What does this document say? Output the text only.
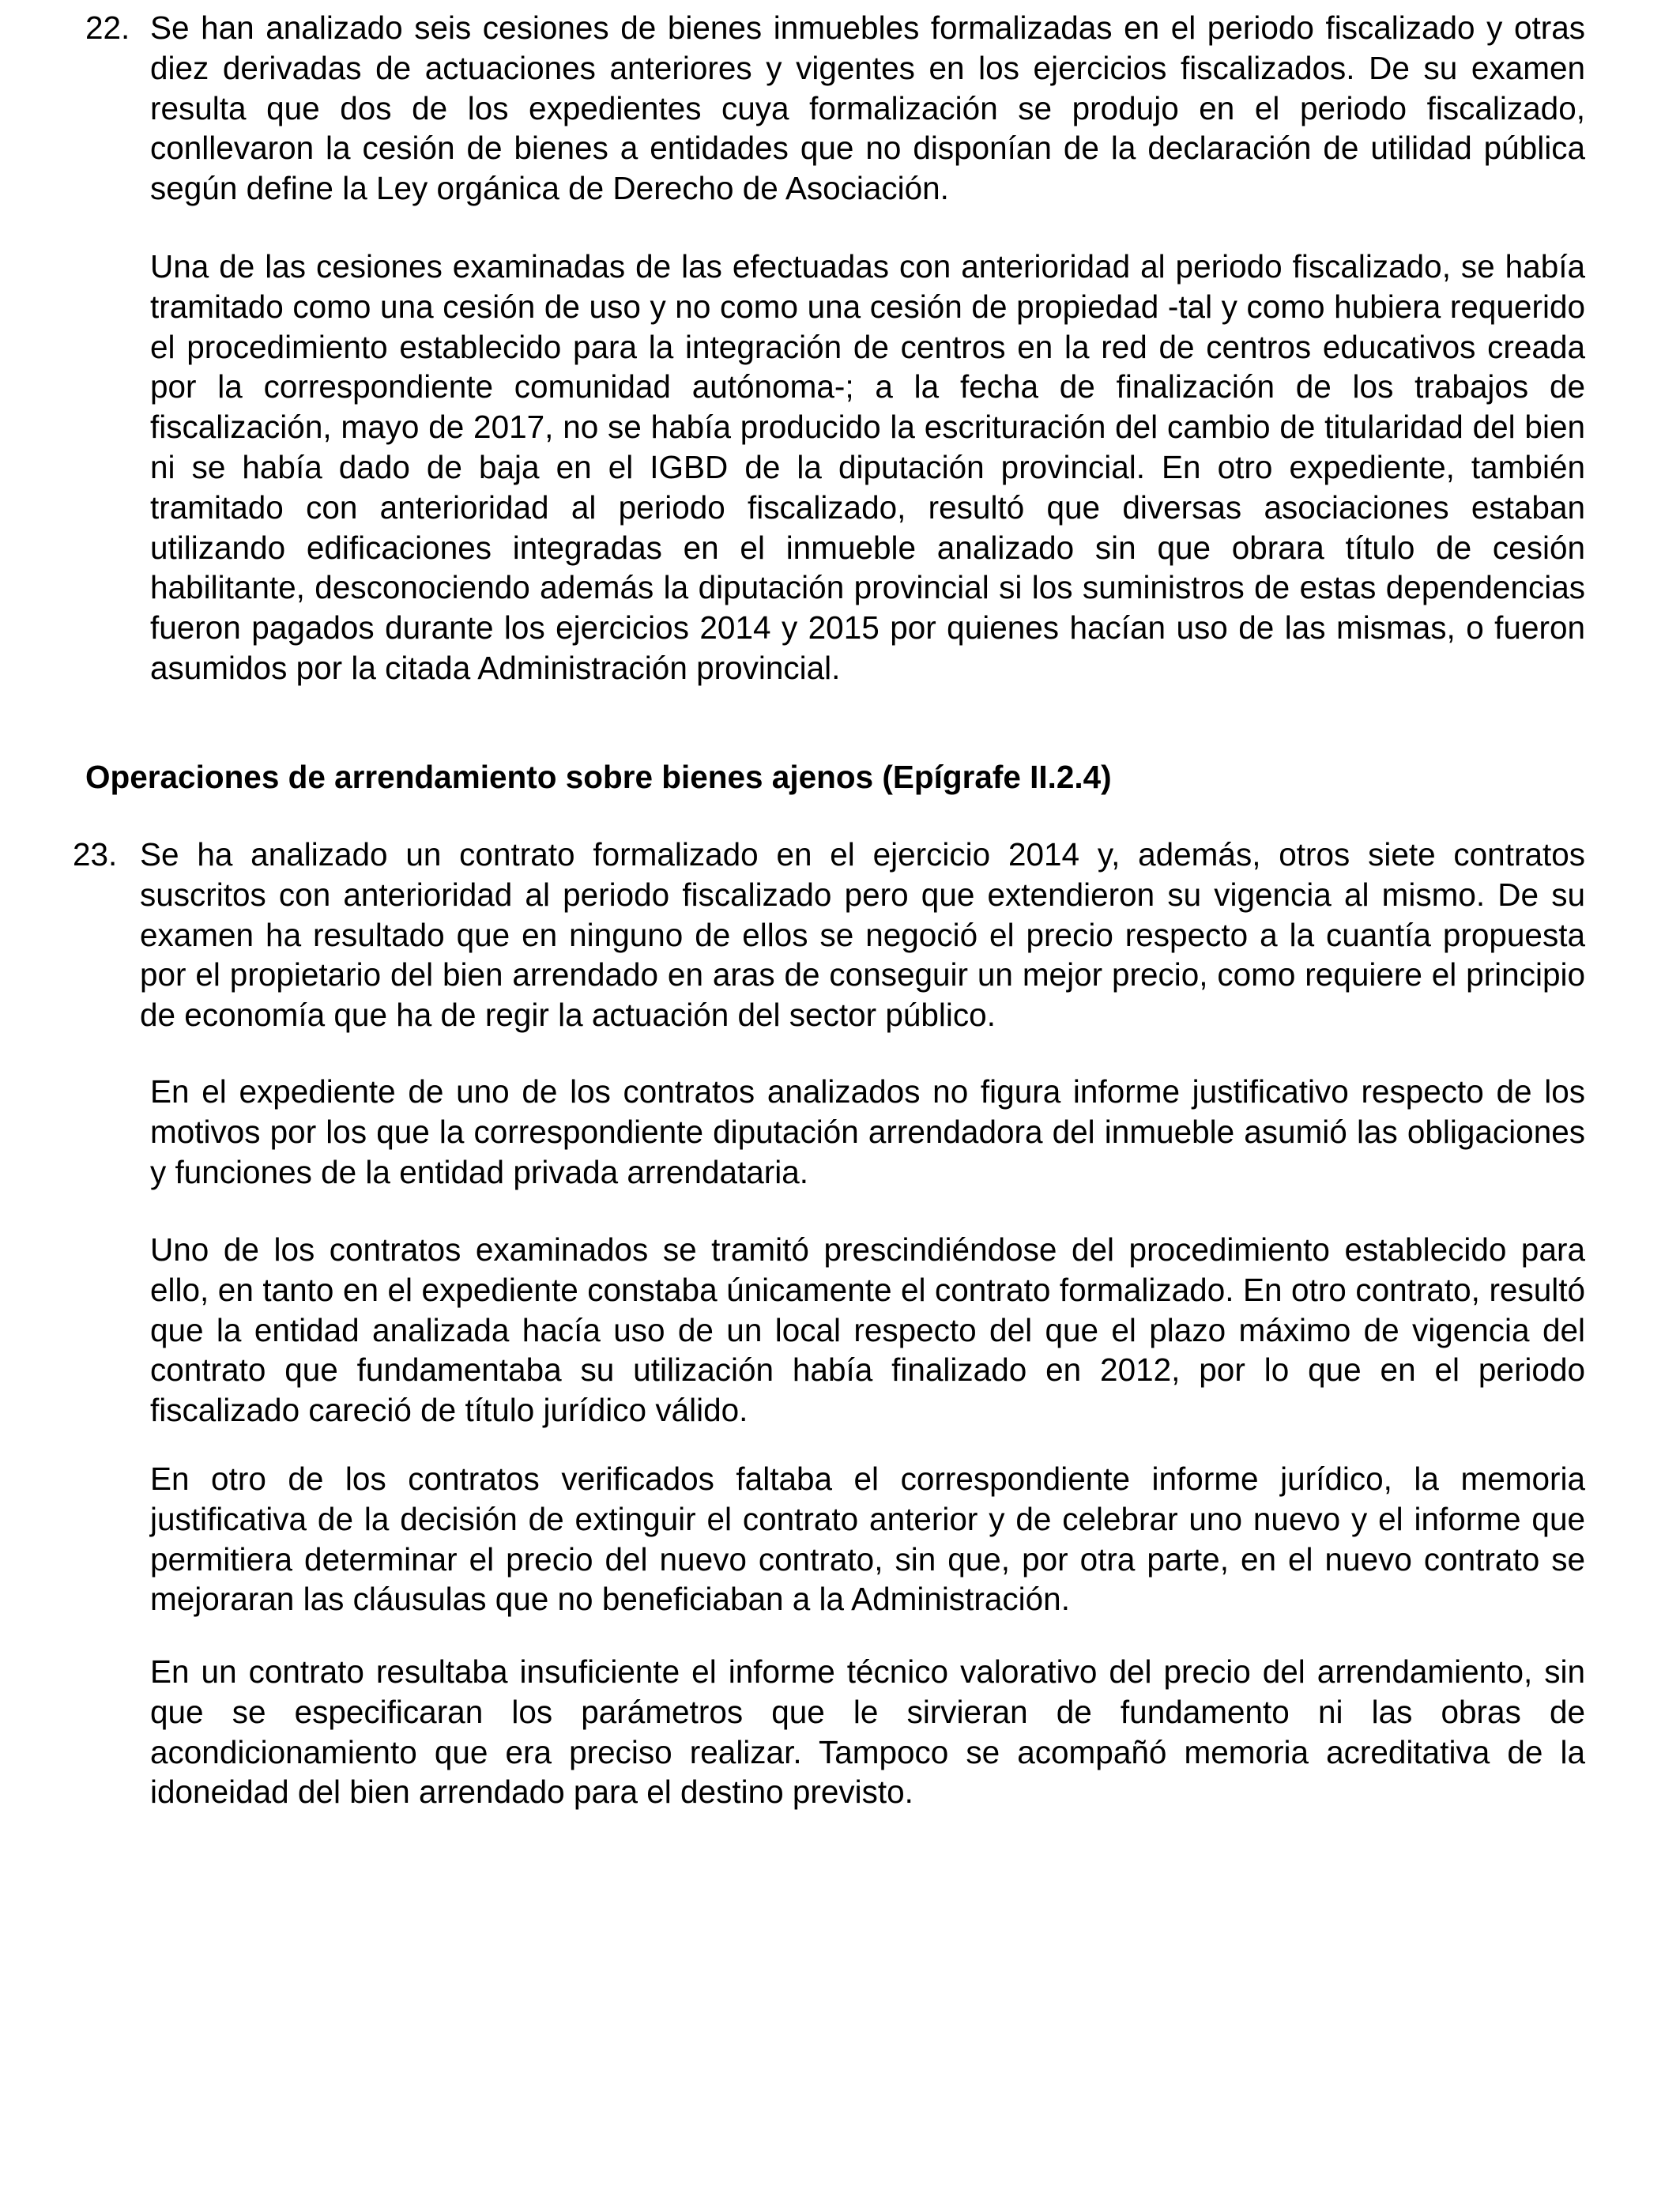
22. Se han analizado seis cesiones de bienes inmuebles formalizadas en el periodo fiscalizado y otras diez derivadas de actuaciones anteriores y vigentes en los ejercicios fiscalizados. De su examen resulta que dos de los expedientes cuya formalización se produjo en el periodo fiscalizado, conllevaron la cesión de bienes a entidades que no disponían de la declaración de utilidad pública según define la Ley orgánica de Derecho de Asociación.

Una de las cesiones examinadas de las efectuadas con anterioridad al periodo fiscalizado, se había tramitado como una cesión de uso y no como una cesión de propiedad -tal y como hubiera requerido el procedimiento establecido para la integración de centros en la red de centros educativos creada por la correspondiente comunidad autónoma-; a la fecha de finalización de los trabajos de fiscalización, mayo de 2017, no se había producido la escrituración del cambio de titularidad del bien ni se había dado de baja en el IGBD de la diputación provincial. En otro expediente, también tramitado con anterioridad al periodo fiscalizado, resultó que diversas asociaciones estaban utilizando edificaciones integradas en el inmueble analizado sin que obrara título de cesión habilitante, desconociendo además la diputación provincial si los suministros de estas dependencias fueron pagados durante los ejercicios 2014 y 2015 por quienes hacían uso de las mismas, o fueron asumidos por la citada Administración provincial.

Operaciones de arrendamiento sobre bienes ajenos (Epígrafe II.2.4)
23. Se ha analizado un contrato formalizado en el ejercicio 2014 y, además, otros siete contratos suscritos con anterioridad al periodo fiscalizado pero que extendieron su vigencia al mismo. De su examen ha resultado que en ninguno de ellos se negoció el precio respecto a la cuantía propuesta por el propietario del bien arrendado en aras de conseguir un mejor precio, como requiere el principio de economía que ha de regir la actuación del sector público.

En el expediente de uno de los contratos analizados no figura informe justificativo respecto de los motivos por los que la correspondiente diputación arrendadora del inmueble asumió las obligaciones y funciones de la entidad privada arrendataria.

Uno de los contratos examinados se tramitó prescindiéndose del procedimiento establecido para ello, en tanto en el expediente constaba únicamente el contrato formalizado. En otro contrato, resultó que la entidad analizada hacía uso de un local respecto del que el plazo máximo de vigencia del contrato que fundamentaba su utilización había finalizado en 2012, por lo que en el periodo fiscalizado careció de título jurídico válido.

En otro de los contratos verificados faltaba el correspondiente informe jurídico, la memoria justificativa de la decisión de extinguir el contrato anterior y de celebrar uno nuevo y el informe que permitiera determinar el precio del nuevo contrato, sin que, por otra parte, en el nuevo contrato se mejoraran las cláusulas que no beneficiaban a la Administración.

En un contrato resultaba insuficiente el informe técnico valorativo del precio del arrendamiento, sin que se especificaran los parámetros que le sirvieran de fundamento ni las obras de acondicionamiento que era preciso realizar. Tampoco se acompañó memoria acreditativa de la idoneidad del bien arrendado para el destino previsto.
